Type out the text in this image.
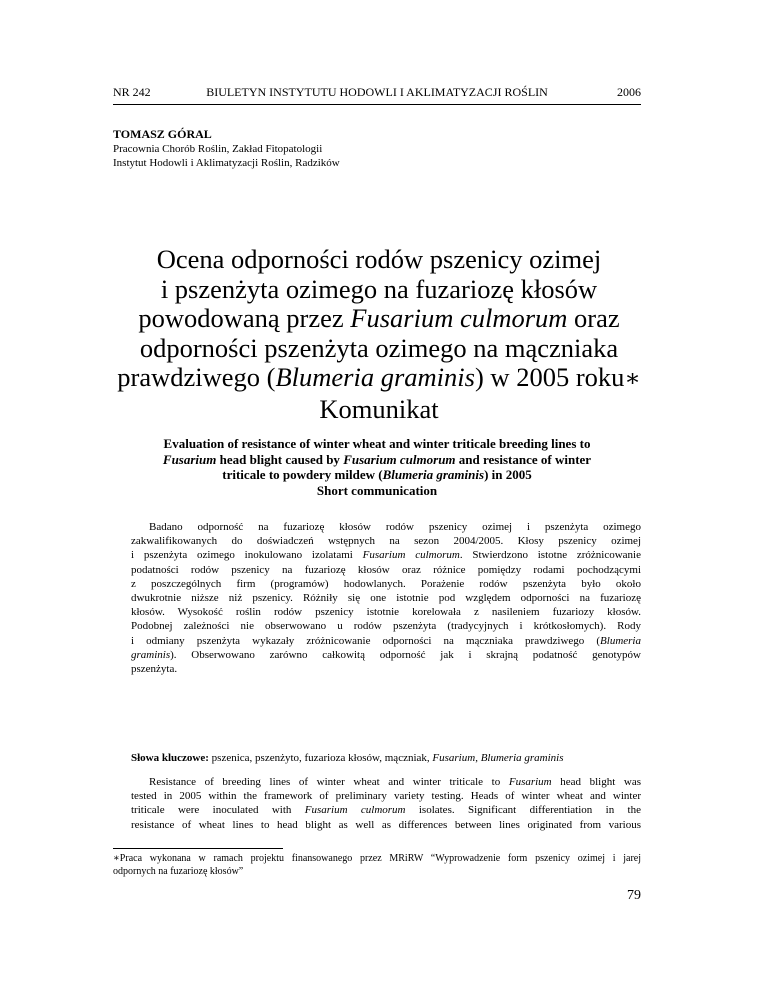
NR 242	BIULETYN INSTYTUTU HODOWLI I AKLIMATYZACJI ROŚLIN	2006
TOMASZ GÓRAL
Pracownia Chorób Roślin, Zakład Fitopatologii
Instytut Hodowli i Aklimatyzacji Roślin, Radzików
Ocena odporności rodów pszenicy ozimej
i pszenżyta ozimego na fuzariozę kłosów
powodowaną przez Fusarium culmorum oraz
odporności pszenżyta ozimego na mączniaka
prawdziwego (Blumeria graminis) w 2005 roku∗
Komunikat
Evaluation of resistance of winter wheat and winter triticale breeding lines to
Fusarium head blight caused by Fusarium culmorum and resistance of winter
triticale to powdery mildew (Blumeria graminis) in 2005
Short communication
Badano odporność na fuzariozę kłosów rodów pszenicy ozimej i pszenżyta ozimego
zakwalifikowanych do doświadczeń wstępnych na sezon 2004/2005. Kłosy pszenicy ozimej
i pszenżyta ozimego inokulowano izolatami Fusarium culmorum. Stwierdzono istotne zróżnicowanie
podatności rodów pszenicy na fuzariozę kłosów oraz różnice pomiędzy rodami pochodzącymi
z poszczególnych firm (programów) hodowlanych. Porażenie rodów pszenżyta było około
dwukrotnie niższe niż pszenicy. Różniły się one istotnie pod względem odporności na fuzariozę
kłosów. Wysokość roślin rodów pszenicy istotnie korelowała z nasileniem fuzariozy kłosów.
Podobnej zależności nie obserwowano u rodów pszenżyta (tradycyjnych i krótkosłomych). Rody
i odmiany pszenżyta wykazały zróżnicowanie odporności na mączniaka prawdziwego (Blumeria
graminis). Obserwowano zarówno całkowitą odporność jak i skrajną podatność genotypów
pszenżyta.
Słowa kluczowe: pszenica, pszenżyto, fuzarioza kłosów, mączniak, Fusarium, Blumeria graminis
Resistance of breeding lines of winter wheat and winter triticale to Fusarium head blight was
tested in 2005 within the framework of preliminary variety testing. Heads of winter wheat and winter
triticale were inoculated with Fusarium culmorum isolates. Significant differentiation in the
resistance of wheat lines to head blight as well as differences between lines originated from various
∗Praca wykonana w ramach projektu finansowanego przez MRiRW “Wyprowadzenie form pszenicy ozimej i jarej
odpornych na fuzariozę kłosów”
79
